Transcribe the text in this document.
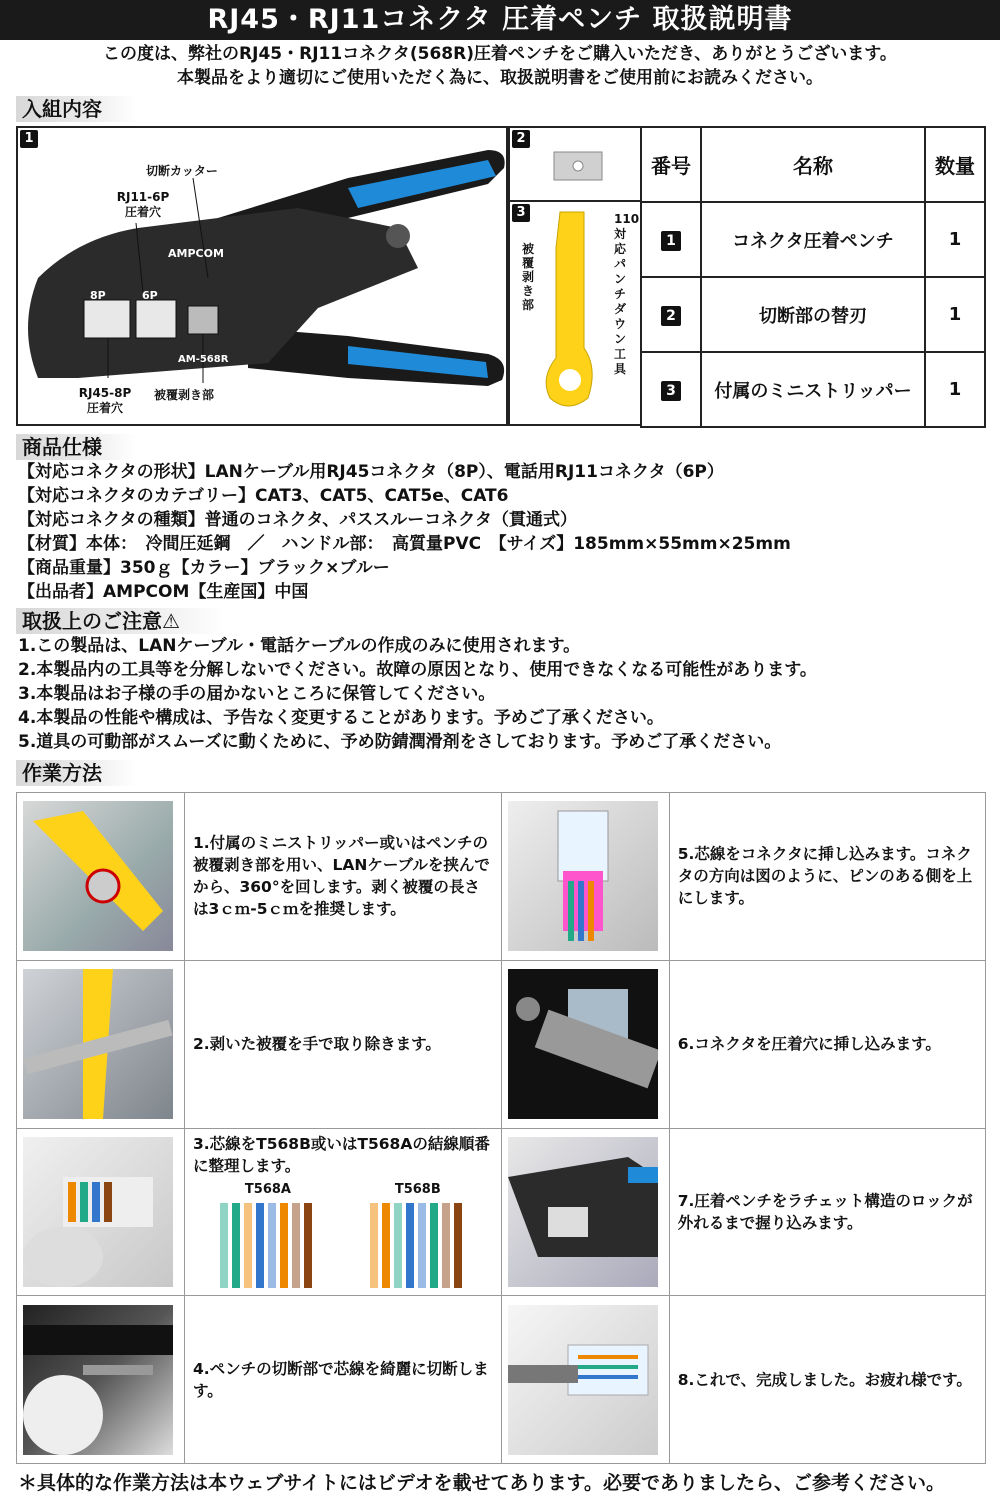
RJ45・RJ11コネクタ 圧着ペンチ 取扱説明書
この度は、弊社のRJ45・RJ11コネクタ(568R)圧着ペンチをご購入いただき、ありがとうございます。
本製品をより適切にご使用いただく為に、取扱説明書をご使用前にお読みください。
入組内容
1
切断カッター
RJ11-6P
圧着穴
RJ45-8P
圧着穴
被覆剥き部
AMPCOM
AM-568R
8P	6P
2
3
被覆剥き部
110対応パンチダウン工具
番号	名称	数量
1	コネクタ圧着ペンチ	1
2	切断部の替刃	1
3	付属のミニストリッパー	1
商品仕様
【対応コネクタの形状】LANケーブル用RJ45コネクタ（8P）、電話用RJ11コネクタ（6P）
【対応コネクタのカテゴリー】CAT3、CAT5、CAT5e、CAT6
【対応コネクタの種類】普通のコネクタ、パススルーコネクタ（貫通式）
【材質】本体：　冷間圧延鋼　／　ハンドル部：　高質量PVC　【サイズ】185mm×55mm×25mm
【商品重量】350ｇ【カラー】ブラック×ブルー
【出品者】AMPCOM【生産国】中国
取扱上のご注意⚠
1.この製品は、LANケーブル・電話ケーブルの作成のみに使用されます。
2.本製品内の工具等を分解しないでください。故障の原因となり、使用できなくなる可能性があります。
3.本製品はお子様の手の届かないところに保管してください。
4.本製品の性能や構成は、予告なく変更することがあります。予めご了承ください。
5.道具の可動部がスムーズに動くために、予め防錆潤滑剤をさしております。予めご了承ください。
作業方法
	1.付属のミニストリッパー或いはペンチの被覆剥き部を用い、LANケーブルを挟んでから、360°を回します。剥く被覆の長さは3ｃｍ-5ｃｍを推奨します。		5.芯線をコネクタに挿し込みます。コネクタの方向は図のように、ピンのある側を上にします。

	2.剥いた被覆を手で取り除きます。		6.コネクタを圧着穴に挿し込みます。

3.芯線をT568B或いはT568Aの結線順番に整理します。
T568A T568B		7.圧着ペンチをラチェット構造のロックが外れるまで握り込みます。

	4.ペンチの切断部で芯線を綺麗に切断します。		8.これで、完成しました。お疲れ様です。
＊具体的な作業方法は本ウェブサイトにはビデオを載せてあります。必要でありましたら、ご参考ください。
